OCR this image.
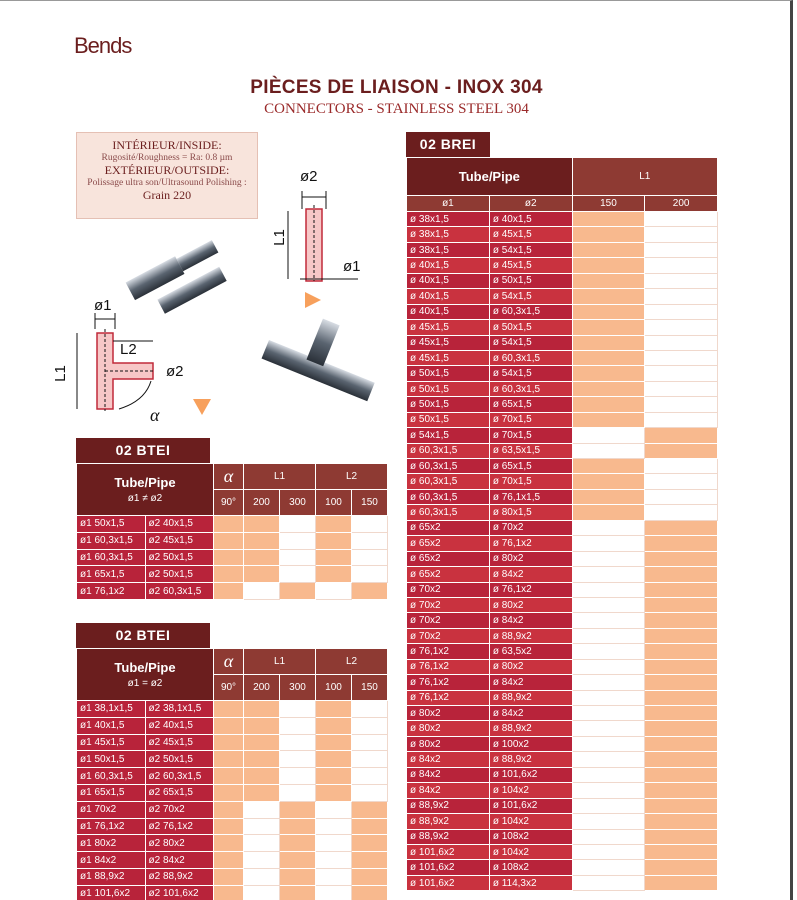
Bends
PIÈCES DE LIAISON - INOX 304
CONNECTORS - STAINLESS STEEL 304
INTÉRIEUR/INSIDE:
Rugosité/Roughness = Ra: 0.8 µm
EXTÉRIEUR/OUTSIDE:
Polissage ultra son/Ultrasound Polishing :
Grain 220
ø2
L1
ø1
ø1
L2
ø2
L1
α
02 BTEI
Tube/Pipe
ø1 ≠ ø2		α	L1		L2	
		90°	200	300	100	150
ø1 50x1,5	ø2 40x1,5					
ø1 60,3x1,5	ø2 45x1,5					
ø1 60,3x1,5	ø2 50x1,5					
ø1 65x1,5	ø2 50x1,5					
ø1 76,1x2	ø2 60,3x1,5					
02 BTEI
Tube/Pipe
ø1 = ø2		α	L1		L2	
		90°	200	300	100	150
ø1 38,1x1,5	ø2 38,1x1,5					
ø1 40x1,5	ø2 40x1,5					
ø1 45x1,5	ø2 45x1,5					
ø1 50x1,5	ø2 50x1,5					
ø1 60,3x1,5	ø2 60,3x1,5					
ø1 65x1,5	ø2 65x1,5					
ø1 70x2	ø2 70x2					
ø1 76,1x2	ø2 76,1x2					
ø1 80x2	ø2 80x2					
ø1 84x2	ø2 84x2					
ø1 88,9x2	ø2 88,9x2					
ø1 101,6x2	ø2 101,6x2					
02 BREI
Tube/Pipe		L1	
ø1	ø2	150	200
ø 38x1,5	ø 40x1,5		
ø 38x1,5	ø 45x1,5		
ø 38x1,5	ø 54x1,5		
ø 40x1,5	ø 45x1,5		
ø 40x1,5	ø 50x1,5		
ø 40x1,5	ø 54x1,5		
ø 40x1,5	ø 60,3x1,5		
ø 45x1,5	ø 50x1,5		
ø 45x1,5	ø 54x1,5		
ø 45x1,5	ø 60,3x1,5		
ø 50x1,5	ø 54x1,5		
ø 50x1,5	ø 60,3x1,5		
ø 50x1,5	ø 65x1,5		
ø 50x1,5	ø 70x1,5		
ø 54x1,5	ø 70x1,5		
ø 60,3x1,5	ø 63,5x1,5		
ø 60,3x1,5	ø 65x1,5		
ø 60,3x1,5	ø 70x1,5		
ø 60,3x1,5	ø 76,1x1,5		
ø 60,3x1,5	ø 80x1,5		
ø 65x2	ø 70x2		
ø 65x2	ø 76,1x2		
ø 65x2	ø 80x2		
ø 65x2	ø 84x2		
ø 70x2	ø 76,1x2		
ø 70x2	ø 80x2		
ø 70x2	ø 84x2		
ø 70x2	ø 88,9x2		
ø 76,1x2	ø 63,5x2		
ø 76,1x2	ø 80x2		
ø 76,1x2	ø 84x2		
ø 76,1x2	ø 88,9x2		
ø 80x2	ø 84x2		
ø 80x2	ø 88,9x2		
ø 80x2	ø 100x2		
ø 84x2	ø 88,9x2		
ø 84x2	ø 101,6x2		
ø 84x2	ø 104x2		
ø 88,9x2	ø 101,6x2		
ø 88,9x2	ø 104x2		
ø 88,9x2	ø 108x2		
ø 101,6x2	ø 104x2		
ø 101,6x2	ø 108x2		
ø 101,6x2	ø 114,3x2		
